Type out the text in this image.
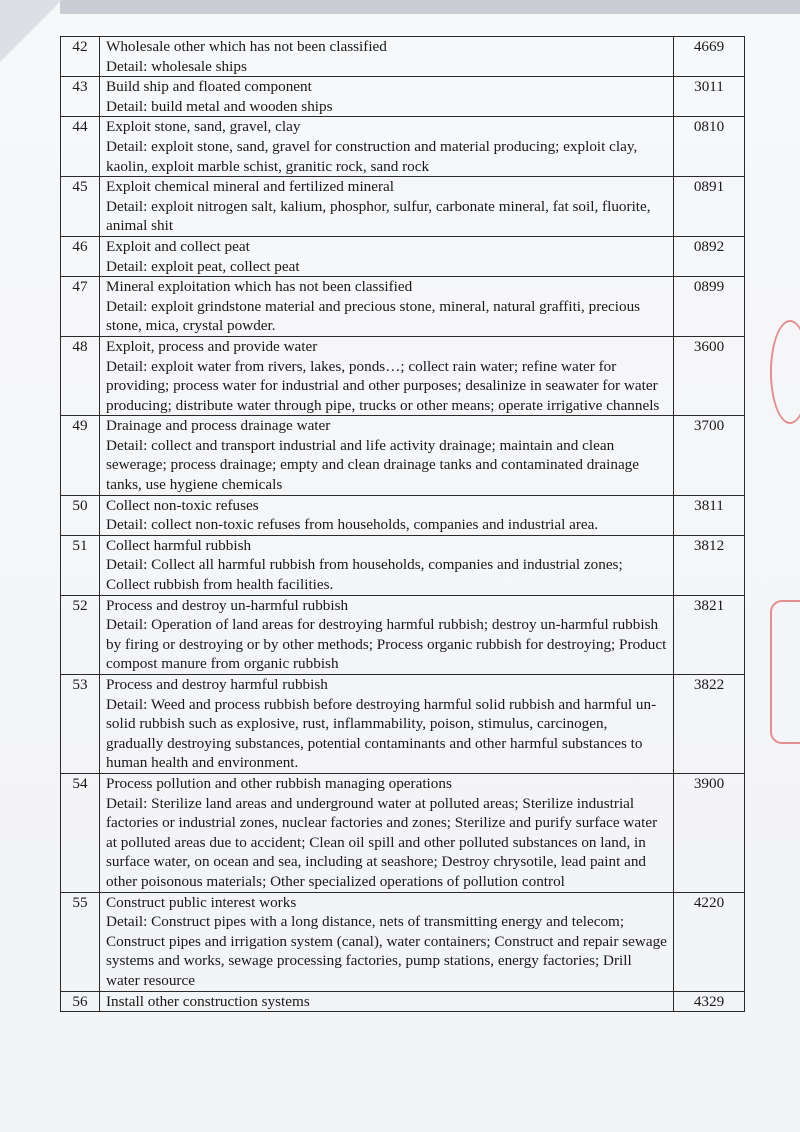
42	Wholesale other which has not been classified
Detail: wholesale ships	4669
43	Build ship and floated component
Detail: build metal and wooden ships	3011
44	Exploit stone, sand, gravel, clay
Detail: exploit stone, sand, gravel for construction and material producing; exploit clay, kaolin, exploit marble schist, granitic rock, sand rock	0810
45	Exploit chemical mineral and fertilized mineral
Detail: exploit nitrogen salt, kalium, phosphor, sulfur, carbonate mineral, fat soil, fluorite, animal shit	0891
46	Exploit and collect peat
Detail: exploit peat, collect peat	0892
47	Mineral exploitation which has not been classified
Detail: exploit grindstone material and precious stone, mineral, natural graffiti, precious stone, mica, crystal powder.	0899
48	Exploit, process and provide water
Detail: exploit water from rivers, lakes, ponds…; collect rain water; refine water for providing; process water for industrial and other purposes; desalinize in seawater for water producing; distribute water through pipe, trucks or other means; operate irrigative channels	3600
49	Drainage and process drainage water
Detail: collect and transport industrial and life activity drainage; maintain and clean sewerage; process drainage; empty and clean drainage tanks and contaminated drainage tanks, use hygiene chemicals	3700
50	Collect non-toxic refuses
Detail: collect non-toxic refuses from households, companies and industrial area.	3811
51	Collect harmful rubbish
Detail: Collect all harmful rubbish from households, companies and industrial zones; Collect rubbish from health facilities.	3812
52	Process and destroy un-harmful rubbish
Detail: Operation of land areas for destroying harmful rubbish; destroy un-harmful rubbish by firing or destroying or by other methods; Process organic rubbish for destroying; Product compost manure from organic rubbish	3821
53	Process and destroy harmful rubbish
Detail: Weed and process rubbish before destroying harmful solid rubbish and harmful un-solid rubbish such as explosive, rust, inflammability, poison, stimulus, carcinogen, gradually destroying substances, potential contaminants and other harmful substances to human health and environment.	3822
54	Process pollution and other rubbish managing operations
Detail: Sterilize land areas and underground water at polluted areas; Sterilize industrial factories or industrial zones, nuclear factories and zones; Sterilize and purify surface water at polluted areas due to accident; Clean oil spill and other polluted substances on land, in surface water, on ocean and sea, including at seashore; Destroy chrysotile, lead paint and other poisonous materials; Other specialized operations of pollution control	3900
55	Construct public interest works
Detail: Construct pipes with a long distance, nets of transmitting energy and telecom; Construct pipes and irrigation system (canal), water containers; Construct and repair sewage systems and works, sewage processing factories, pump stations, energy factories; Drill water resource	4220
56	Install other construction systems	4329
